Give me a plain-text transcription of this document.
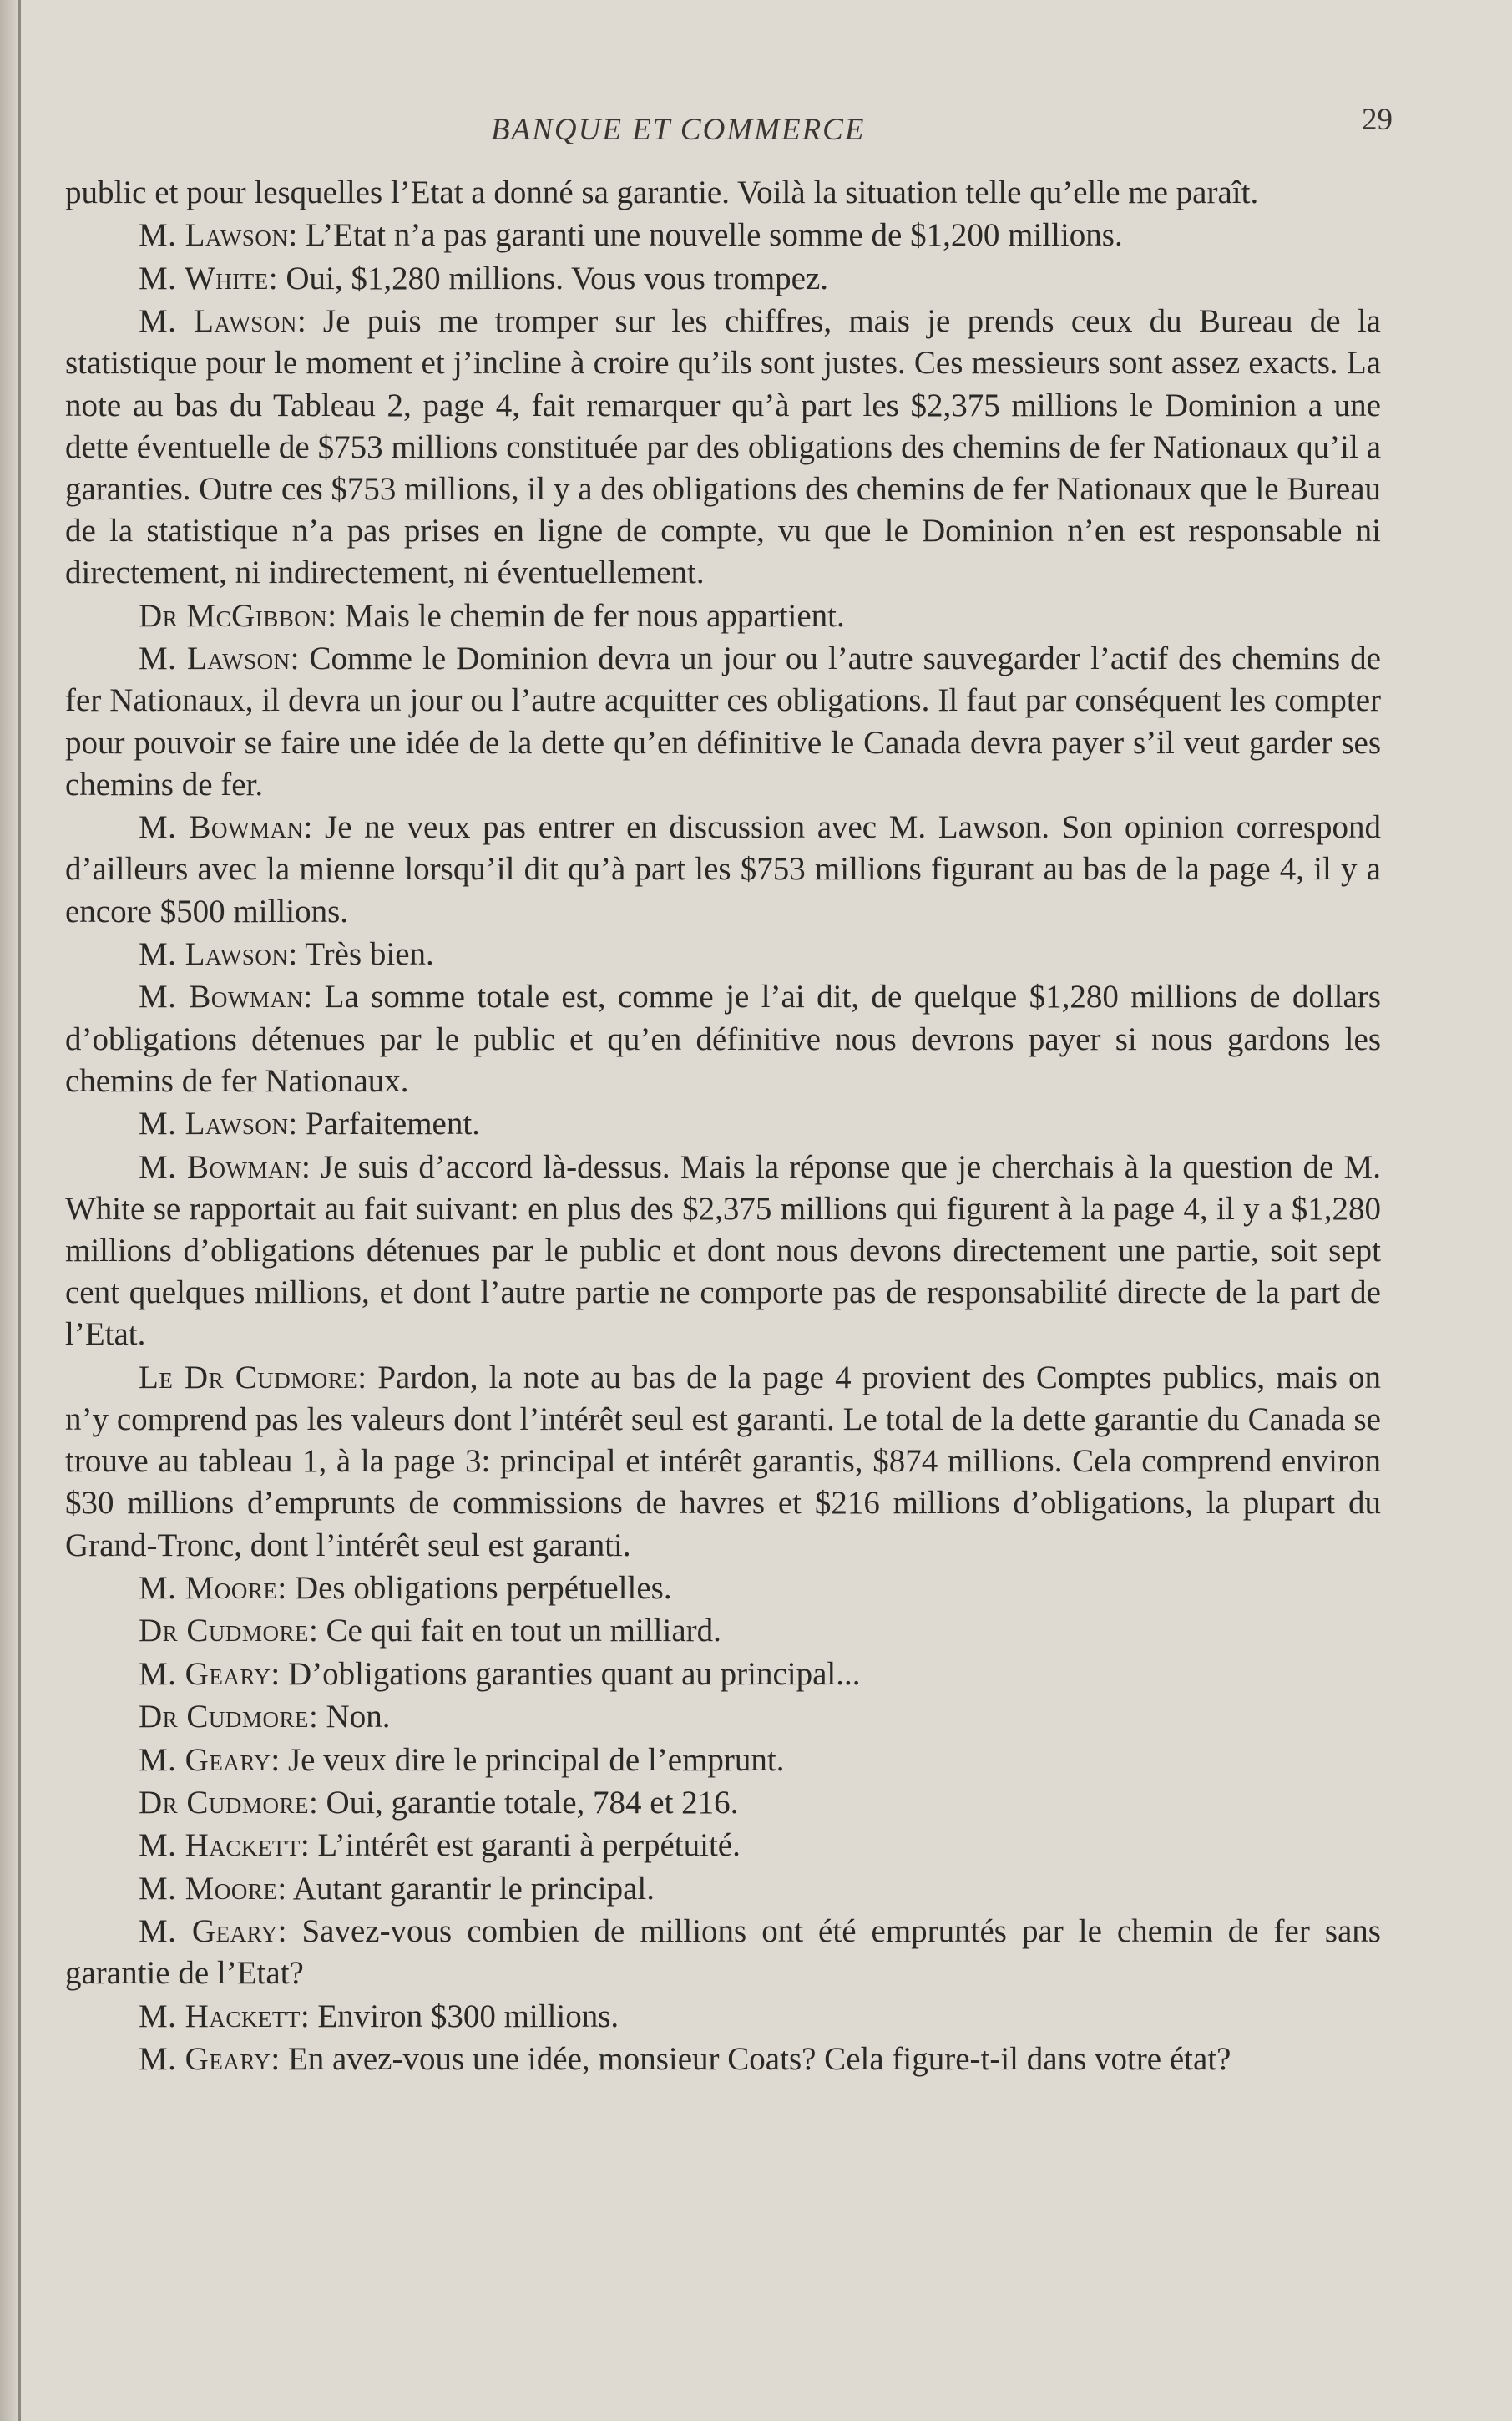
BANQUE ET COMMERCE	29

public et pour lesquelles l’Etat a donné sa garantie. Voilà la situation telle qu’elle me paraît.

M. Lawson: L’Etat n’a pas garanti une nouvelle somme de $1,200 millions.

M. White: Oui, $1,280 millions. Vous vous trompez.

M. Lawson: Je puis me tromper sur les chiffres, mais je prends ceux du Bureau de la statistique pour le moment et j’incline à croire qu’ils sont justes. Ces messieurs sont assez exacts. La note au bas du Tableau 2, page 4, fait remarquer qu’à part les $2,375 millions le Dominion a une dette éventuelle de $753 millions constituée par des obligations des chemins de fer Nationaux qu’il a garanties. Outre ces $753 millions, il y a des obligations des chemins de fer Nationaux que le Bureau de la statistique n’a pas prises en ligne de compte, vu que le Dominion n’en est responsable ni directement, ni indirectement, ni éventuellement.

Dr McGibbon: Mais le chemin de fer nous appartient.

M. Lawson: Comme le Dominion devra un jour ou l’autre sauvegarder l’actif des chemins de fer Nationaux, il devra un jour ou l’autre acquitter ces obligations. Il faut par conséquent les compter pour pouvoir se faire une idée de la dette qu’en définitive le Canada devra payer s’il veut garder ses chemins de fer.

M. Bowman: Je ne veux pas entrer en discussion avec M. Lawson. Son opinion correspond d’ailleurs avec la mienne lorsqu’il dit qu’à part les $753 millions figurant au bas de la page 4, il y a encore $500 millions.

M. Lawson: Très bien.

M. Bowman: La somme totale est, comme je l’ai dit, de quelque $1,280 millions de dollars d’obligations détenues par le public et qu’en définitive nous devrons payer si nous gardons les chemins de fer Nationaux.

M. Lawson: Parfaitement.

M. Bowman: Je suis d’accord là-dessus. Mais la réponse que je cherchais à la question de M. White se rapportait au fait suivant: en plus des $2,375 millions qui figurent à la page 4, il y a $1,280 millions d’obligations détenues par le public et dont nous devons directement une partie, soit sept cent quelques millions, et dont l’autre partie ne comporte pas de responsabilité directe de la part de l’Etat.

Le Dr Cudmore: Pardon, la note au bas de la page 4 provient des Comptes publics, mais on n’y comprend pas les valeurs dont l’intérêt seul est garanti. Le total de la dette garantie du Canada se trouve au tableau 1, à la page 3: principal et intérêt garantis, $874 millions. Cela comprend environ $30 millions d’emprunts de commissions de havres et $216 millions d’obligations, la plupart du Grand-Tronc, dont l’intérêt seul est garanti.

M. Moore: Des obligations perpétuelles.

Dr Cudmore: Ce qui fait en tout un milliard.

M. Geary: D’obligations garanties quant au principal...

Dr Cudmore: Non.

M. Geary: Je veux dire le principal de l’emprunt.

Dr Cudmore: Oui, garantie totale, 784 et 216.

M. Hackett: L’intérêt est garanti à perpétuité.

M. Moore: Autant garantir le principal.

M. Geary: Savez-vous combien de millions ont été empruntés par le chemin de fer sans garantie de l’Etat?

M. Hackett: Environ $300 millions.

M. Geary: En avez-vous une idée, monsieur Coats? Cela figure-t-il dans votre état?
